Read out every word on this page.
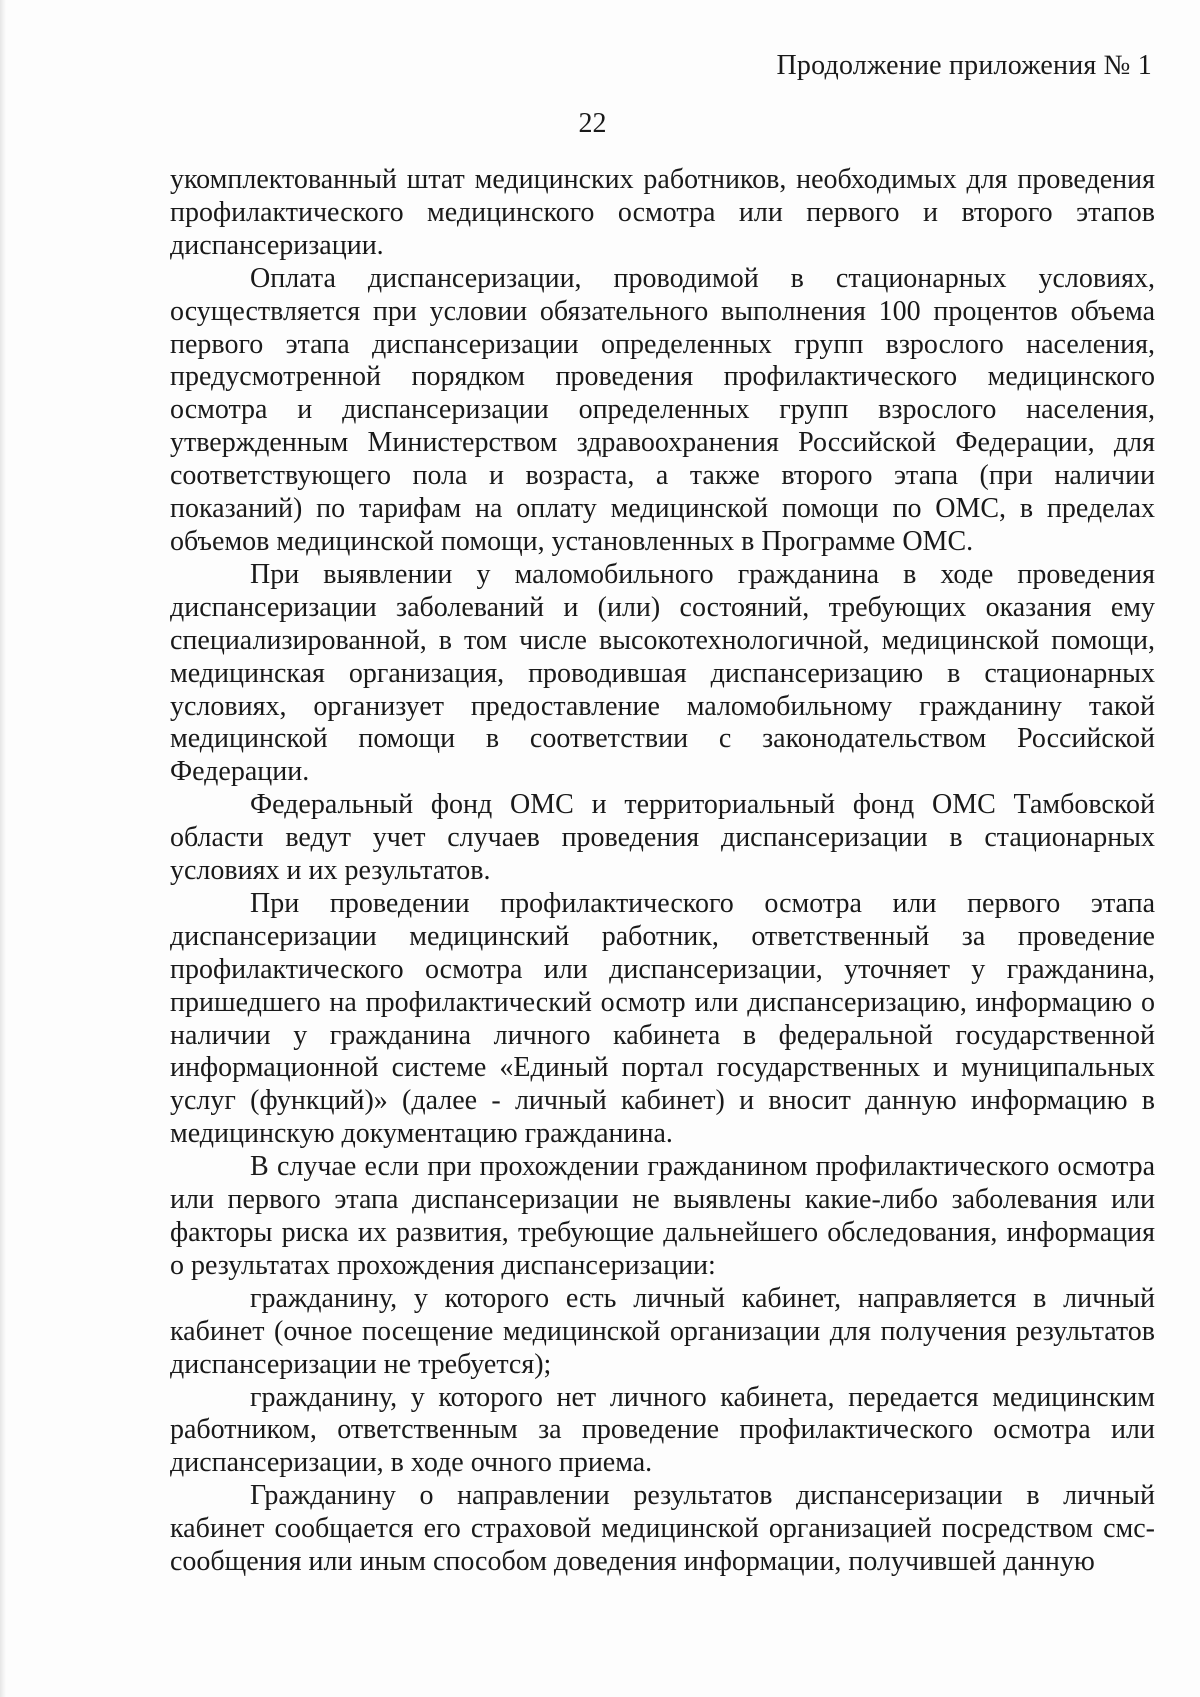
Продолжение приложения № 1
22

укомплектованный штат медицинских работников, необходимых для проведения профилактического медицинского осмотра или первого и второго этапов диспансеризации.

Оплата диспансеризации, проводимой в стационарных условиях, осуществляется при условии обязательного выполнения 100 процентов объема первого этапа диспансеризации определенных групп взрослого населения, предусмотренной порядком проведения профилактического медицинского осмотра и диспансеризации определенных групп взрослого населения, утвержденным Министерством здравоохранения Российской Федерации, для соответствующего пола и возраста, а также второго этапа (при наличии показаний) по тарифам на оплату медицинской помощи по ОМС, в пределах объемов медицинской помощи, установленных в Программе ОМС.

При выявлении у маломобильного гражданина в ходе проведения диспансеризации заболеваний и (или) состояний, требующих оказания ему специализированной, в том числе высокотехнологичной, медицинской помощи, медицинская организация, проводившая диспансеризацию в стационарных условиях, организует предоставление маломобильному гражданину такой медицинской помощи в соответствии с законодательством Российской Федерации.

Федеральный фонд ОМС и территориальный фонд ОМС Тамбовской области ведут учет случаев проведения диспансеризации в стационарных условиях и их результатов.

При проведении профилактического осмотра или первого этапа диспансеризации медицинский работник, ответственный за проведение профилактического осмотра или диспансеризации, уточняет у гражданина, пришедшего на профилактический осмотр или диспансеризацию, информацию о наличии у гражданина личного кабинета в федеральной государственной информационной системе «Единый портал государственных и муниципальных услуг (функций)» (далее - личный кабинет) и вносит данную информацию в медицинскую документацию гражданина.

В случае если при прохождении гражданином профилактического осмотра или первого этапа диспансеризации не выявлены какие-либо заболевания или факторы риска их развития, требующие дальнейшего обследования, информация о результатах прохождения диспансеризации:

гражданину, у которого есть личный кабинет, направляется в личный кабинет (очное посещение медицинской организации для получения результатов диспансеризации не требуется);

гражданину, у которого нет личного кабинета, передается медицинским работником, ответственным за проведение профилактического осмотра или диспансеризации, в ходе очного приема.

Гражданину о направлении результатов диспансеризации в личный кабинет сообщается его страховой медицинской организацией посредством смс-сообщения или иным способом доведения информации, получившей данную
